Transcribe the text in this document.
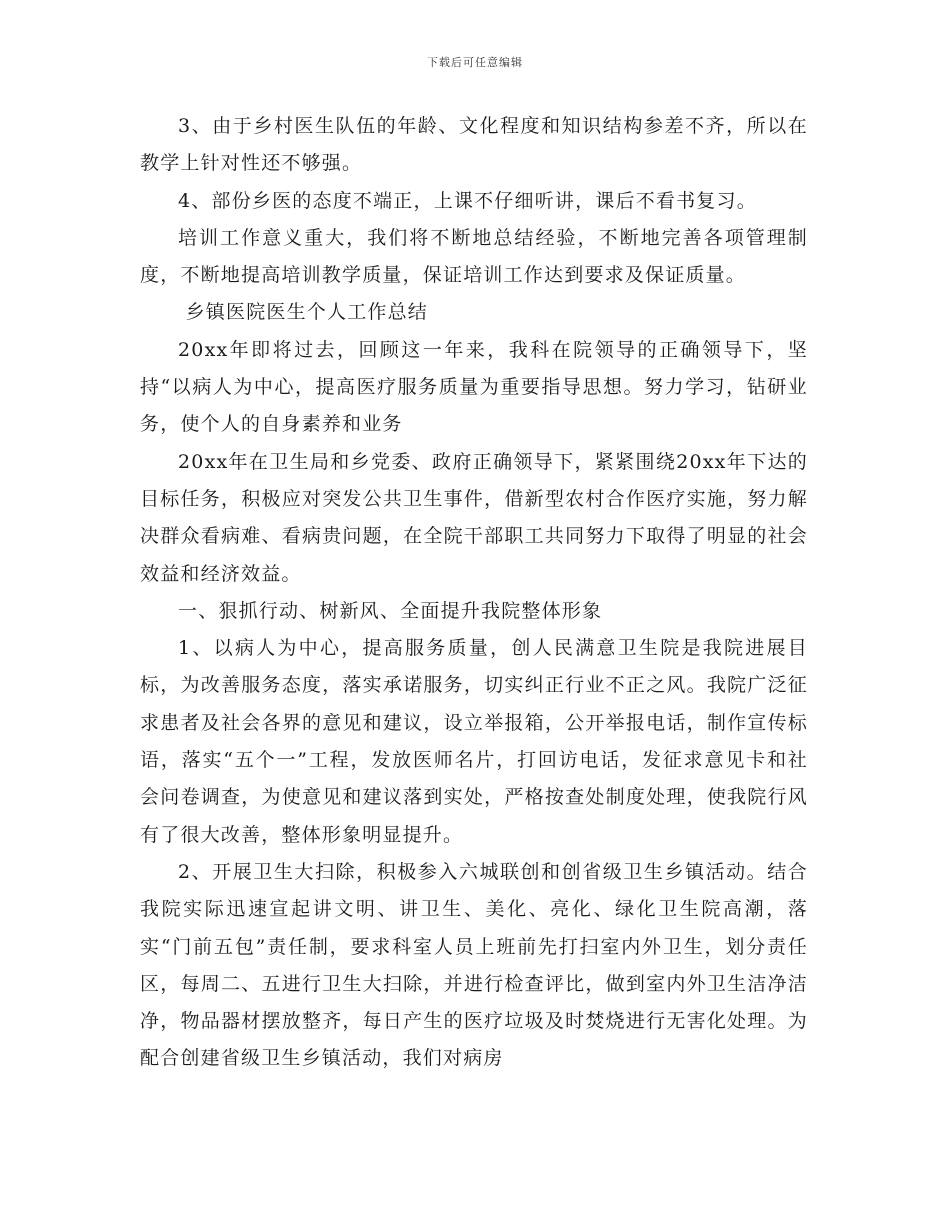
下载后可任意编辑

3、由于乡村医生队伍的年龄、文化程度和知识结构参差不齐，所以在教学上针对性还不够强。

4、部份乡医的态度不端正，上课不仔细听讲，课后不看书复习。

培训工作意义重大，我们将不断地总结经验，不断地完善各项管理制度，不断地提高培训教学质量，保证培训工作达到要求及保证质量。

乡镇医院医生个人工作总结

20xx年即将过去，回顾这一年来，我科在院领导的正确领导下，坚持“以病人为中心，提高医疗服务质量为重要指导思想。努力学习，钻研业务，使个人的自身素养和业务

20xx年在卫生局和乡党委、政府正确领导下，紧紧围绕20xx年下达的目标任务，积极应对突发公共卫生事件，借新型农村合作医疗实施，努力解决群众看病难、看病贵问题，在全院干部职工共同努力下取得了明显的社会效益和经济效益。

一、狠抓行动、树新风、全面提升我院整体形象

1、以病人为中心，提高服务质量，创人民满意卫生院是我院进展目标，为改善服务态度，落实承诺服务，切实纠正行业不正之风。我院广泛征求患者及社会各界的意见和建议，设立举报箱，公开举报电话，制作宣传标语，落实“五个一”工程，发放医师名片，打回访电话，发征求意见卡和社会问卷调查，为使意见和建议落到实处，严格按查处制度处理，使我院行风有了很大改善，整体形象明显提升。

2、开展卫生大扫除，积极参入六城联创和创省级卫生乡镇活动。结合我院实际迅速宣起讲文明、讲卫生、美化、亮化、绿化卫生院高潮，落实“门前五包”责任制，要求科室人员上班前先打扫室内外卫生，划分责任区，每周二、五进行卫生大扫除，并进行检查评比，做到室内外卫生洁净洁净，物品器材摆放整齐，每日产生的医疗垃圾及时焚烧进行无害化处理。为配合创建省级卫生乡镇活动，我们对病房
